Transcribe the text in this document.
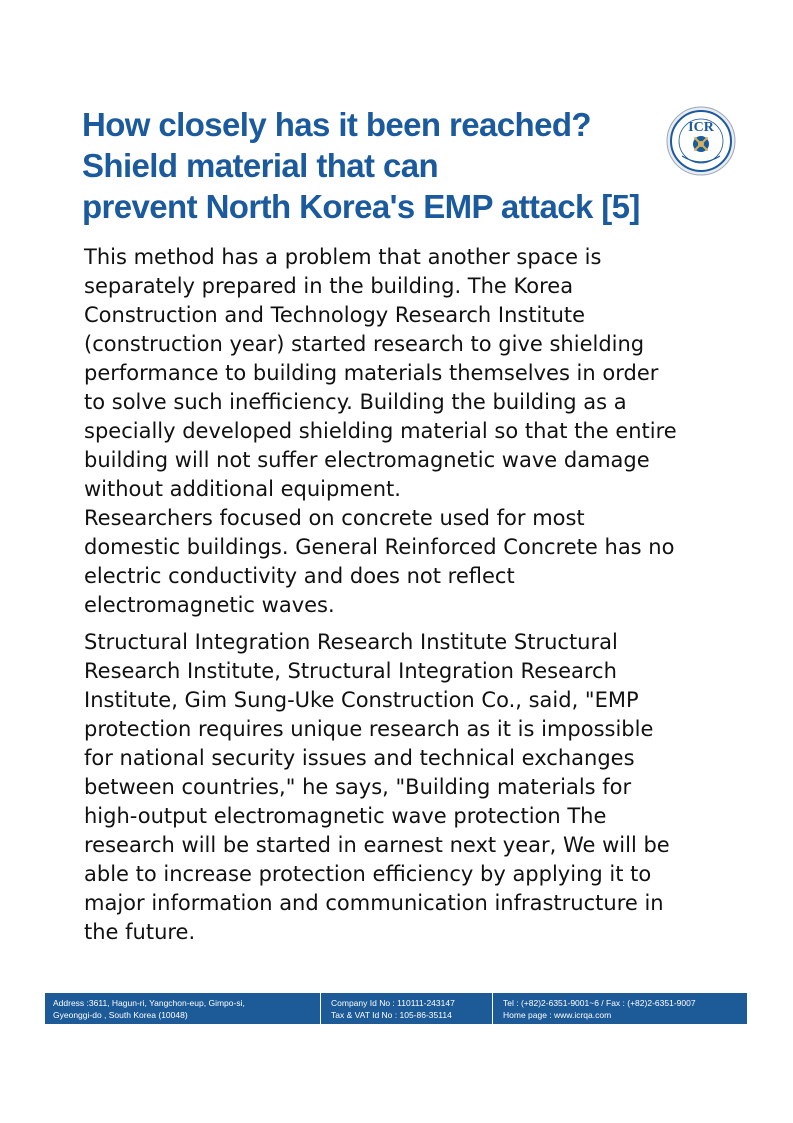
How closely has it been reached?
Shield material that can
prevent North Korea's EMP attack [5]
ICR
This method has a problem that another space is
separately prepared in the building. The Korea
Construction and Technology Research Institute
(construction year) started research to give shielding
performance to building materials themselves in order
to solve such inefficiency. Building the building as a
specially developed shielding material so that the entire
building will not suffer electromagnetic wave damage
without additional equipment.
Researchers focused on concrete used for most
domestic buildings. General Reinforced Concrete has no
electric conductivity and does not reflect
electromagnetic waves.
Structural Integration Research Institute Structural
Research Institute, Structural Integration Research
Institute, Gim Sung-Uke Construction Co., said, "EMP
protection requires unique research as it is impossible
for national security issues and technical exchanges
between countries," he says, "Building materials for
high-output electromagnetic wave protection The
research will be started in earnest next year, We will be
able to increase protection efficiency by applying it to
major information and communication infrastructure in
the future.
Address :3611, Hagun-ri, Yangchon-eup, Gimpo-si,
Gyeonggi-do , South Korea (10048)
Company Id No : 110111-243147
Tax & VAT Id No : 105-86-35114
Tel : (+82)2-6351-9001~6 / Fax : (+82)2-6351-9007
Home page : www.icrqa.com
